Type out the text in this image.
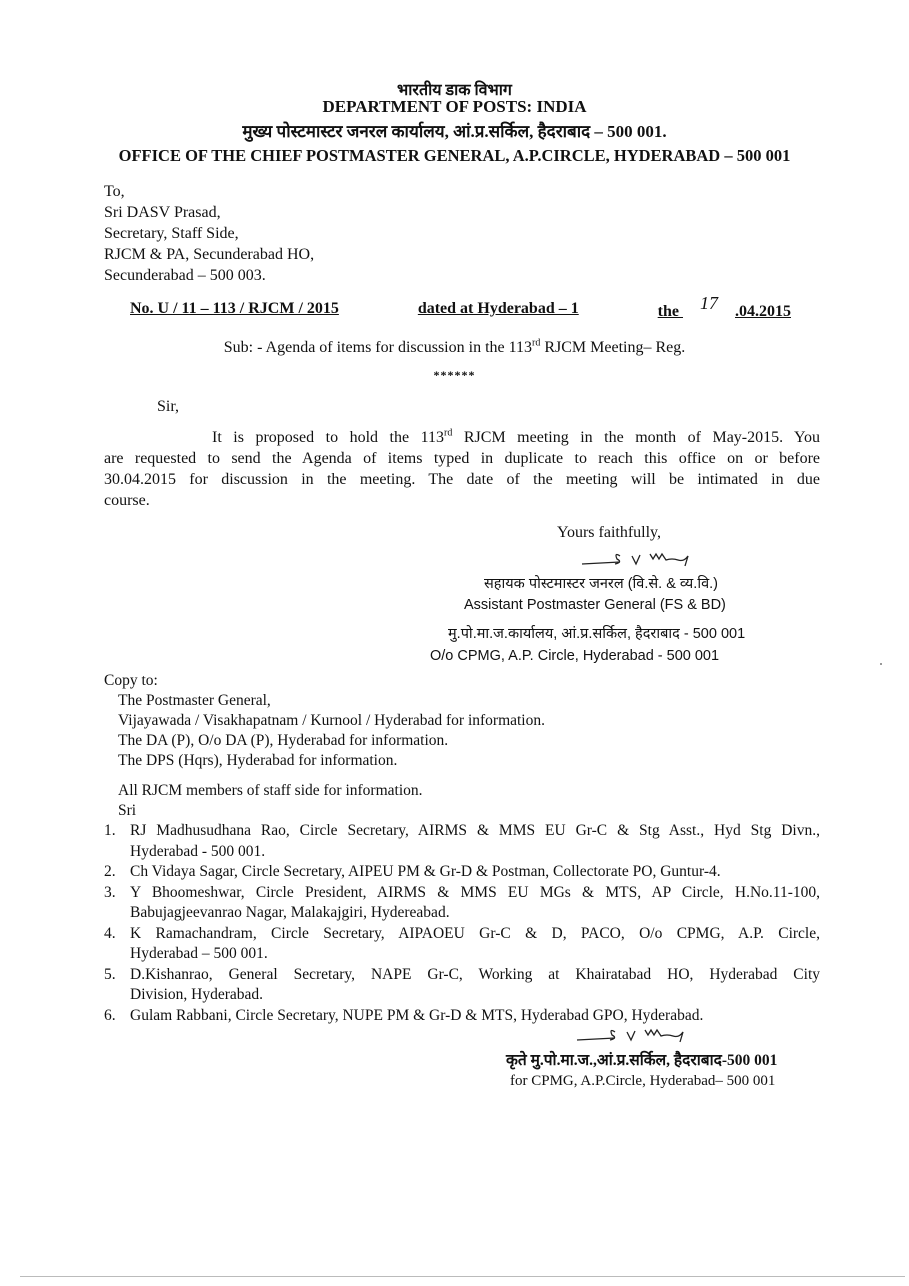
भारतीय डाक विभाग
DEPARTMENT OF POSTS: INDIA
मुख्य पोस्टमास्टर जनरल कार्यालय, आं.प्र.सर्किल, हैदराबाद – 500 001.
OFFICE OF THE CHIEF POSTMASTER GENERAL, A.P.CIRCLE, HYDERABAD – 500 001
To,
Sri DASV Prasad,
Secretary, Staff Side,
RJCM & PA, Secunderabad HO,
Secunderabad – 500 003.
No. U / 11 – 113 / RJCM / 2015	dated at Hyderabad – 1	the 17 .04.2015
Sub: - Agenda of items for discussion in the 113rd RJCM Meeting– Reg.
******
Sir,
It is proposed to hold the 113rd RJCM meeting in the month of May-2015. You
are requested to send the Agenda of items typed in duplicate to reach this office on or before
30.04.2015 for discussion in the meeting. The date of the meeting will be intimated in due
course.
Yours faithfully,
सहायक पोस्टमास्टर जनरल (वि.से. & व्य.वि.)
Assistant Postmaster General (FS & BD)
मु.पो.मा.ज.कार्यालय, आं.प्र.सर्किल, हैदराबाद - 500 001
O/o CPMG, A.P. Circle, Hyderabad - 500 001
Copy to:
The Postmaster General,
Vijayawada / Visakhapatnam / Kurnool / Hyderabad for information.
The DA (P), O/o DA (P), Hyderabad for information.
The DPS (Hqrs), Hyderabad for information.
All RJCM members of staff side for information.
Sri
1. RJ Madhusudhana Rao, Circle Secretary, AIRMS & MMS EU Gr-C & Stg Asst., Hyd Stg Divn.,
Hyderabad - 500 001.
2. Ch Vidaya Sagar, Circle Secretary, AIPEU PM & Gr-D & Postman, Collectorate PO, Guntur-4.
3. Y Bhoomeshwar, Circle President, AIRMS & MMS EU MGs & MTS, AP Circle, H.No.11-100,
Babujagjeevanrao Nagar, Malakajgiri, Hydereabad.
4. K Ramachandram, Circle Secretary, AIPAOEU Gr-C & D, PACO, O/o CPMG, A.P. Circle,
Hyderabad – 500 001.
5. D.Kishanrao, General Secretary, NAPE Gr-C, Working at Khairatabad HO, Hyderabad City
Division, Hyderabad.
6. Gulam Rabbani, Circle Secretary, NUPE PM & Gr-D & MTS, Hyderabad GPO, Hyderabad.
कृते मु.पो.मा.ज.,आं.प्र.सर्किल, हैदराबाद-500 001
for CPMG, A.P.Circle, Hyderabad– 500 001
